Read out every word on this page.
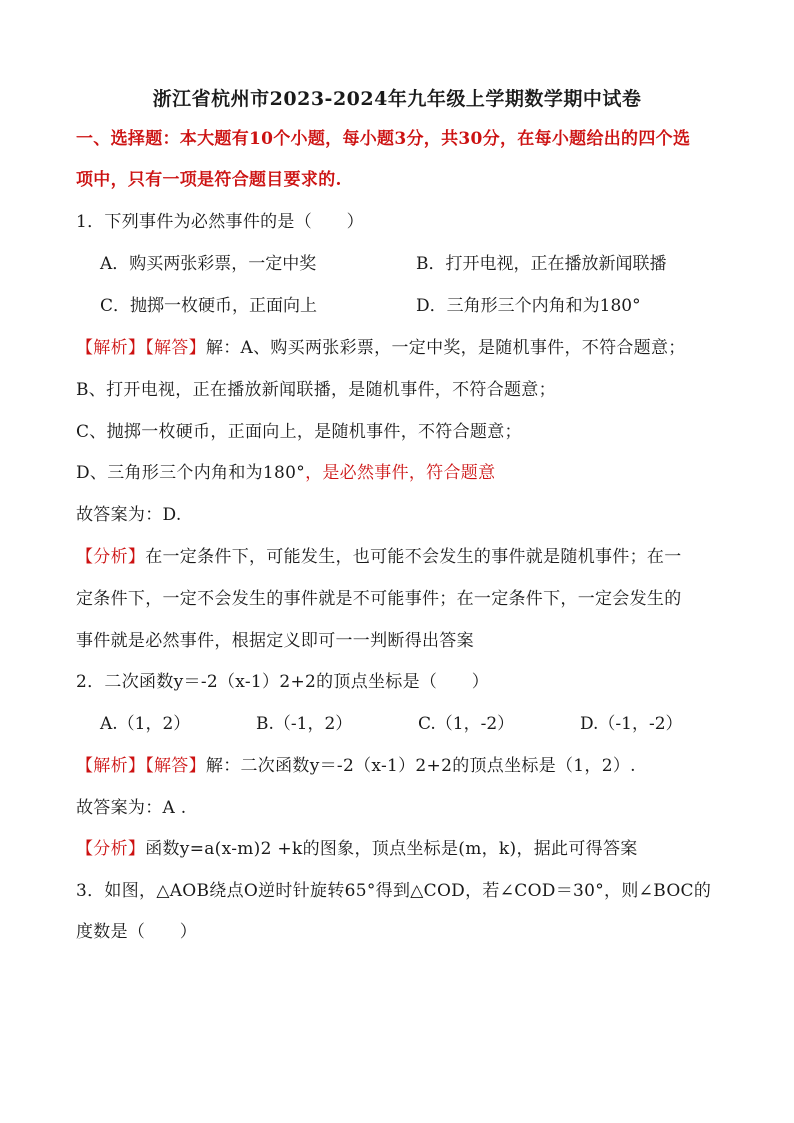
浙江省杭州市2023-2024年九年级上学期数学期中试卷
一、选择题：本大题有10个小题，每小题3分，共30分，在每小题给出的四个选
项中，只有一项是符合题目要求的.
1．下列事件为必然事件的是（　　）
A．购买两张彩票，一定中奖	B．打开电视，正在播放新闻联播
C．抛掷一枚硬币，正面向上	D．三角形三个内角和为180°
【解析】【解答】解：A、购买两张彩票，一定中奖，是随机事件，不符合题意；
B、打开电视，正在播放新闻联播，是随机事件，不符合题意；
C、抛掷一枚硬币，正面向上，是随机事件，不符合题意；
D、三角形三个内角和为180°，是必然事件，符合题意
故答案为：D.
【分析】在一定条件下，可能发生，也可能不会发生的事件就是随机事件；在一
定条件下，一定不会发生的事件就是不可能事件；在一定条件下，一定会发生的
事件就是必然事件，根据定义即可一一判断得出答案
2．二次函数y＝-2（x-1）2+2的顶点坐标是（　　）
A.（1，2）	B.（-1，2）	C.（1，-2）	D.（-1，-2）
【解析】【解答】解：二次函数y＝-2（x-1）2+2的顶点坐标是（1，2）.
故答案为：A .
【分析】函数y=a(x-m)2 +k的图象，顶点坐标是(m，k)，据此可得答案
3．如图，△AOB绕点O逆时针旋转65°得到△COD，若∠COD＝30°，则∠BOC的
度数是（　　）
